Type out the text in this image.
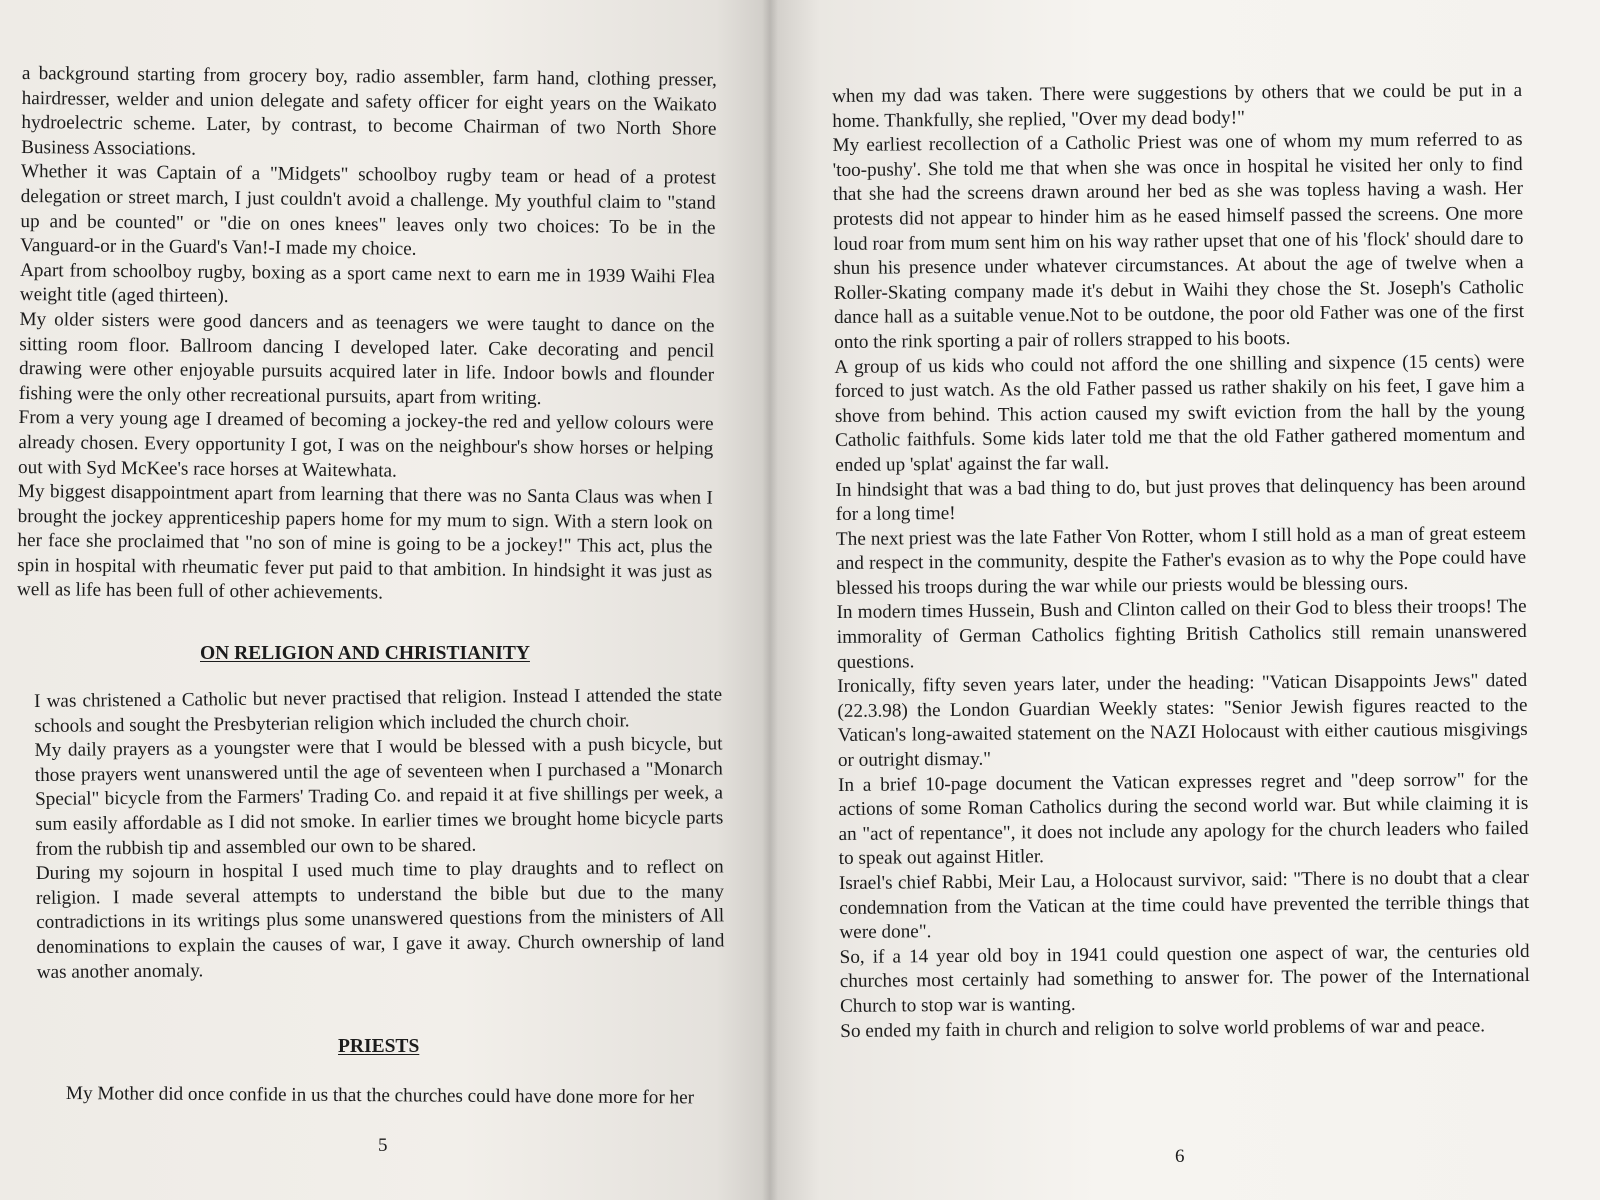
a background starting from grocery boy, radio assembler, farm hand, clothing presser, hairdresser, welder and union delegate and safety officer for eight years on the Waikato hydroelectric scheme. Later, by contrast, to become Chairman of two North Shore Business Associations.

Whether it was Captain of a "Midgets" schoolboy rugby team or head of a protest delegation or street march, I just couldn't avoid a challenge. My youthful claim to "stand up and be counted" or "die on ones knees" leaves only two choices: To be in the Vanguard-or in the Guard's Van!-I made my choice.

Apart from schoolboy rugby, boxing as a sport came next to earn me in 1939 Waihi Flea weight title (aged thirteen).

My older sisters were good dancers and as teenagers we were taught to dance on the sitting room floor. Ballroom dancing I developed later. Cake decorating and pencil drawing were other enjoyable pursuits acquired later in life. Indoor bowls and flounder fishing were the only other recreational pursuits, apart from writing.

From a very young age I dreamed of becoming a jockey-the red and yellow colours were already chosen. Every opportunity I got, I was on the neighbour's show horses or helping out with Syd McKee's race horses at Waitewhata.

My biggest disappointment apart from learning that there was no Santa Claus was when I brought the jockey apprenticeship papers home for my mum to sign. With a stern look on her face she proclaimed that "no son of mine is going to be a jockey!" This act, plus the spin in hospital with rheumatic fever put paid to that ambition. In hindsight it was just as well as life has been full of other achievements.

ON RELIGION AND CHRISTIANITY

I was christened a Catholic but never practised that religion. Instead I attended the state schools and sought the Presbyterian religion which included the church choir.

My daily prayers as a youngster were that I would be blessed with a push bicycle, but those prayers went unanswered until the age of seventeen when I purchased a "Monarch Special" bicycle from the Farmers' Trading Co. and repaid it at five shillings per week, a sum easily affordable as I did not smoke. In earlier times we brought home bicycle parts from the rubbish tip and assembled our own to be shared.

During my sojourn in hospital I used much time to play draughts and to reflect on religion. I made several attempts to understand the bible but due to the many contradictions in its writings plus some unanswered questions from the ministers of All denominations to explain the causes of war, I gave it away. Church ownership of land was another anomaly.

PRIESTS
My Mother did once confide in us that the churches could have done more for her
5

when my dad was taken. There were suggestions by others that we could be put in a home. Thankfully, she replied, "Over my dead body!"

My earliest recollection of a Catholic Priest was one of whom my mum referred to as 'too-pushy'. She told me that when she was once in hospital he visited her only to find that she had the screens drawn around her bed as she was topless having a wash. Her protests did not appear to hinder him as he eased himself passed the screens. One more loud roar from mum sent him on his way rather upset that one of his 'flock' should dare to shun his presence under whatever circumstances. At about the age of twelve when a Roller-Skating company made it's debut in Waihi they chose the St. Joseph's Catholic dance hall as a suitable venue.Not to be outdone, the poor old Father was one of the first onto the rink sporting a pair of rollers strapped to his boots.

A group of us kids who could not afford the one shilling and sixpence (15 cents) were forced to just watch. As the old Father passed us rather shakily on his feet, I gave him a shove from behind. This action caused my swift eviction from the hall by the young Catholic faithfuls. Some kids later told me that the old Father gathered momentum and ended up 'splat' against the far wall.

In hindsight that was a bad thing to do, but just proves that delinquency has been around for a long time!

The next priest was the late Father Von Rotter, whom I still hold as a man of great esteem and respect in the community, despite the Father's evasion as to why the Pope could have blessed his troops during the war while our priests would be blessing ours.

In modern times Hussein, Bush and Clinton called on their God to bless their troops! The immorality of German Catholics fighting British Catholics still remain unanswered questions.

Ironically, fifty seven years later, under the heading: "Vatican Disappoints Jews" dated (22.3.98) the London Guardian Weekly states: "Senior Jewish figures reacted to the Vatican's long-awaited statement on the NAZI Holocaust with either cautious misgivings or outright dismay."

In a brief 10-page document the Vatican expresses regret and "deep sorrow" for the actions of some Roman Catholics during the second world war. But while claiming it is an "act of repentance", it does not include any apology for the church leaders who failed to speak out against Hitler.

Israel's chief Rabbi, Meir Lau, a Holocaust survivor, said: "There is no doubt that a clear condemnation from the Vatican at the time could have prevented the terrible things that were done".

So, if a 14 year old boy in 1941 could question one aspect of war, the centuries old churches most certainly had something to answer for. The power of the International Church to stop war is wanting.

So ended my faith in church and religion to solve world problems of war and peace.

6
